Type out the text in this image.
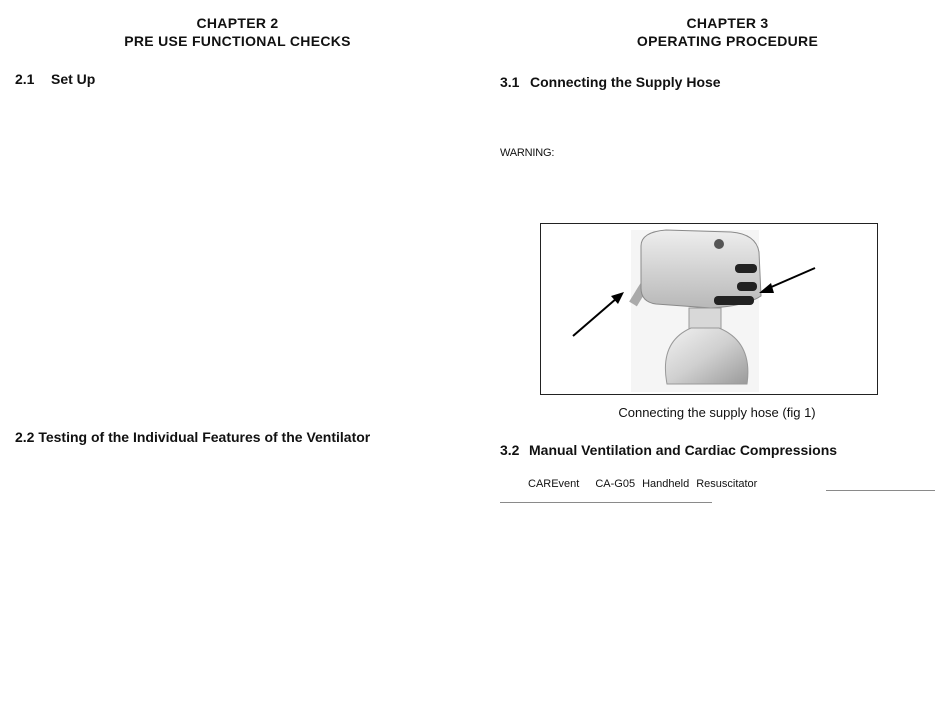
CHAPTER 2
PRE USE FUNCTIONAL CHECKS
2.1 Set Up
2.2 Testing of the Individual Features of the Ventilator
CHAPTER 3
OPERATING PROCEDURE
3.1 Connecting the Supply Hose
WARNING:
Connecting the supply hose (fig 1)
3.2 Manual Ventilation and Cardiac Compressions
CAREvent CA-G05 Handheld Resuscitator
